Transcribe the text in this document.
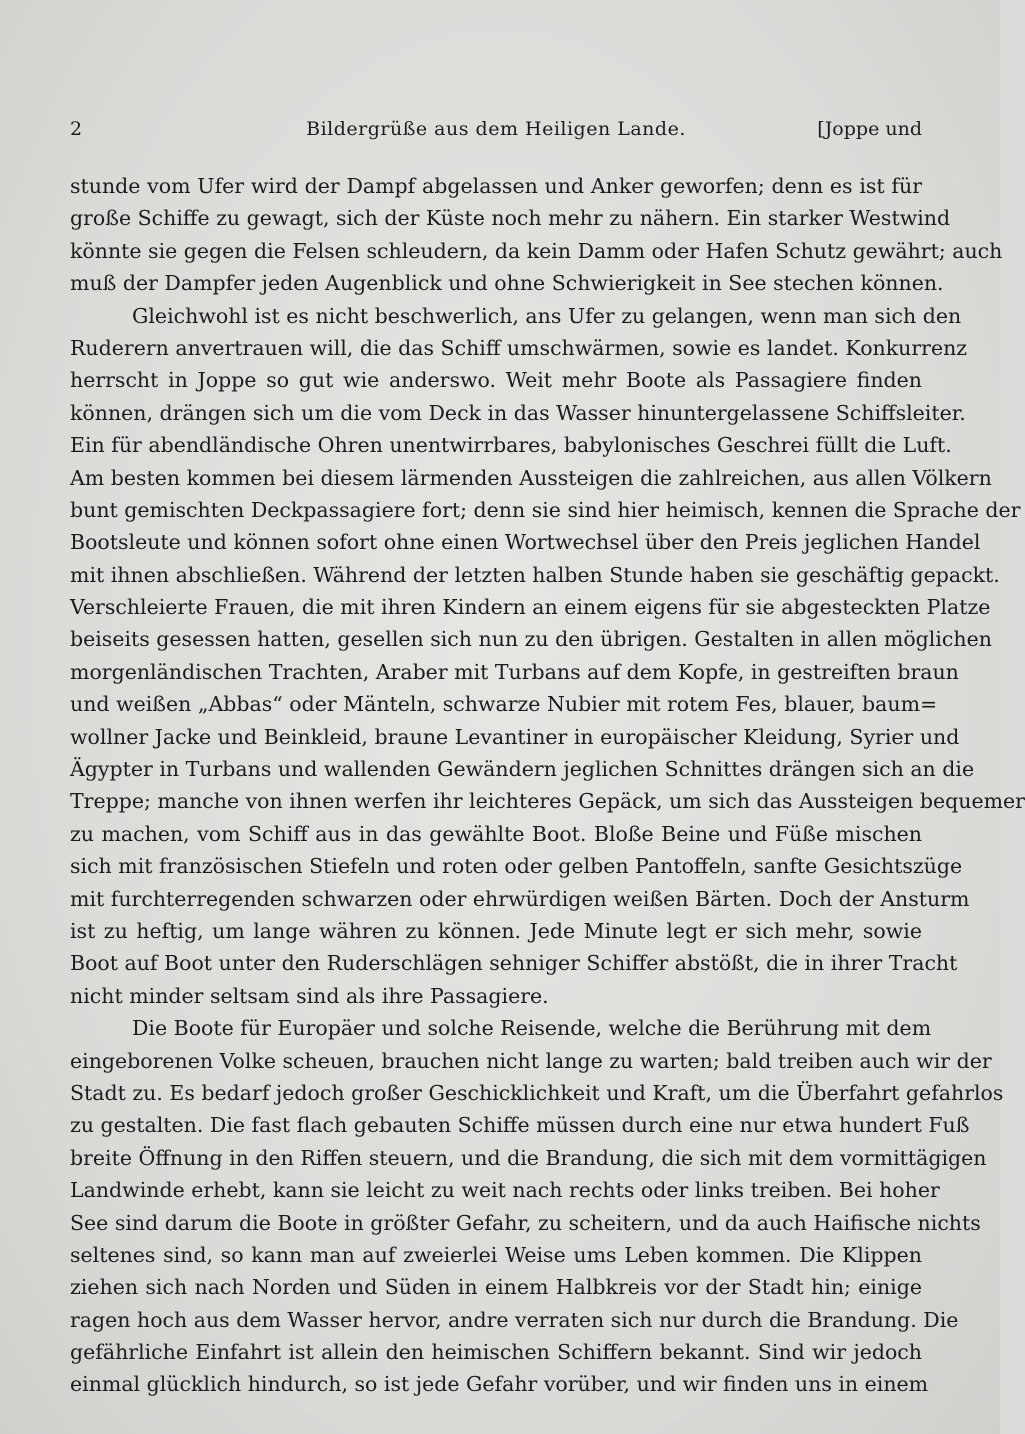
2	Bildergrüße aus dem Heiligen Lande.	[Joppe und
stunde vom Ufer wird der Dampf abgelassen und Anker geworfen; denn es ist für
große Schiffe zu gewagt, sich der Küste noch mehr zu nähern. Ein starker Westwind
könnte sie gegen die Felsen schleudern, da kein Damm oder Hafen Schutz gewährt; auch
muß der Dampfer jeden Augenblick und ohne Schwierigkeit in See stechen können.
Gleichwohl ist es nicht beschwerlich, ans Ufer zu gelangen, wenn man sich den
Ruderern anvertrauen will, die das Schiff umschwärmen, sowie es landet. Konkurrenz
herrscht in Joppe so gut wie anderswo. Weit mehr Boote als Passagiere finden
können, drängen sich um die vom Deck in das Wasser hinuntergelassene Schiffsleiter.
Ein für abendländische Ohren unentwirrbares, babylonisches Geschrei füllt die Luft.
Am besten kommen bei diesem lärmenden Aussteigen die zahlreichen, aus allen Völkern
bunt gemischten Deckpassagiere fort; denn sie sind hier heimisch, kennen die Sprache der
Bootsleute und können sofort ohne einen Wortwechsel über den Preis jeglichen Handel
mit ihnen abschließen. Während der letzten halben Stunde haben sie geschäftig gepackt.
Verschleierte Frauen, die mit ihren Kindern an einem eigens für sie abgesteckten Platze
beiseits gesessen hatten, gesellen sich nun zu den übrigen. Gestalten in allen möglichen
morgenländischen Trachten, Araber mit Turbans auf dem Kopfe, in gestreiften braun
und weißen „Abbas“ oder Mänteln, schwarze Nubier mit rotem Fes, blauer, baum=
wollner Jacke und Beinkleid, braune Levantiner in europäischer Kleidung, Syrier und
Ägypter in Turbans und wallenden Gewändern jeglichen Schnittes drängen sich an die
Treppe; manche von ihnen werfen ihr leichteres Gepäck, um sich das Aussteigen bequemer
zu machen, vom Schiff aus in das gewählte Boot. Bloße Beine und Füße mischen
sich mit französischen Stiefeln und roten oder gelben Pantoffeln, sanfte Gesichtszüge
mit furchterregenden schwarzen oder ehrwürdigen weißen Bärten. Doch der Ansturm
ist zu heftig, um lange währen zu können. Jede Minute legt er sich mehr, sowie
Boot auf Boot unter den Ruderschlägen sehniger Schiffer abstößt, die in ihrer Tracht
nicht minder seltsam sind als ihre Passagiere.
Die Boote für Europäer und solche Reisende, welche die Berührung mit dem
eingeborenen Volke scheuen, brauchen nicht lange zu warten; bald treiben auch wir der
Stadt zu. Es bedarf jedoch großer Geschicklichkeit und Kraft, um die Überfahrt gefahrlos
zu gestalten. Die fast flach gebauten Schiffe müssen durch eine nur etwa hundert Fuß
breite Öffnung in den Riffen steuern, und die Brandung, die sich mit dem vormittägigen
Landwinde erhebt, kann sie leicht zu weit nach rechts oder links treiben. Bei hoher
See sind darum die Boote in größter Gefahr, zu scheitern, und da auch Haifische nichts
seltenes sind, so kann man auf zweierlei Weise ums Leben kommen. Die Klippen
ziehen sich nach Norden und Süden in einem Halbkreis vor der Stadt hin; einige
ragen hoch aus dem Wasser hervor, andre verraten sich nur durch die Brandung. Die
gefährliche Einfahrt ist allein den heimischen Schiffern bekannt. Sind wir jedoch
einmal glücklich hindurch, so ist jede Gefahr vorüber, und wir finden uns in einem
